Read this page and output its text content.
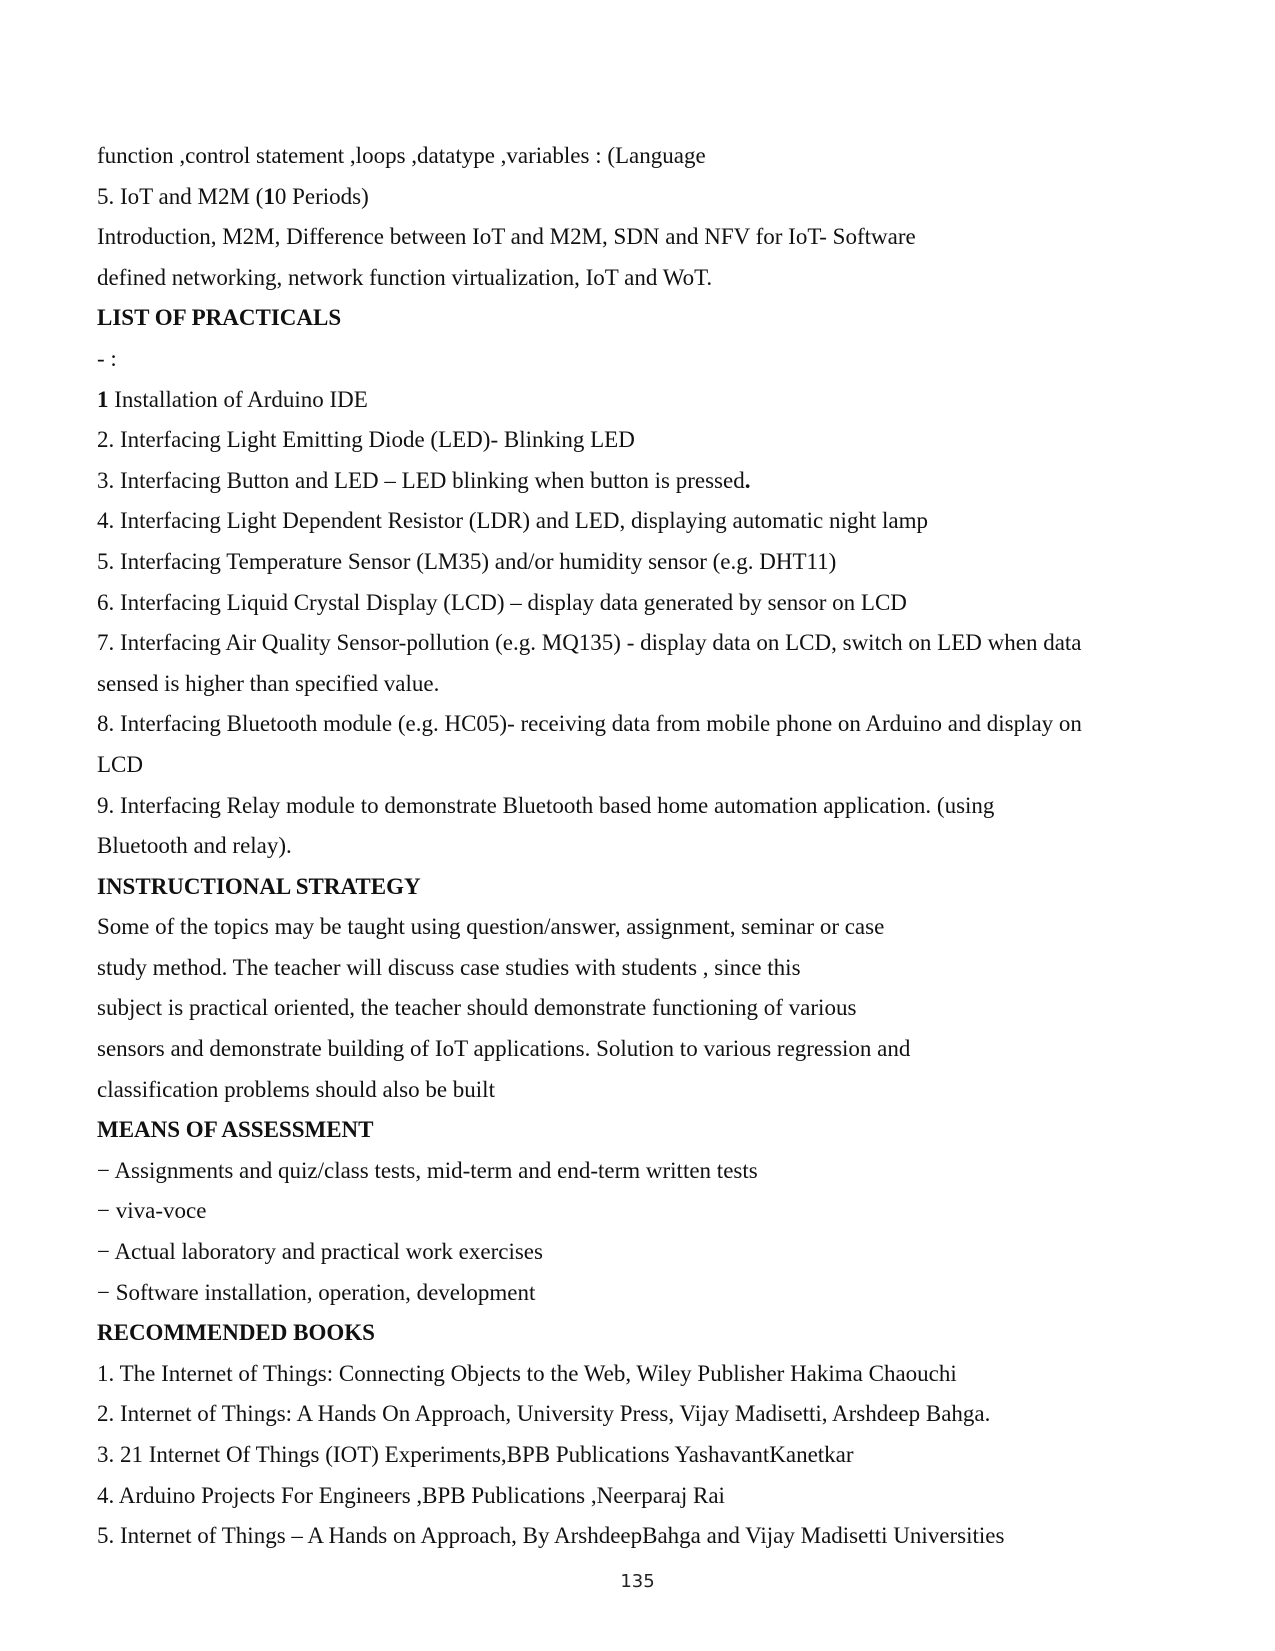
function ,control statement ,loops ,datatype ,variables : (Language
5. IoT and M2M (10 Periods)
Introduction, M2M, Difference between IoT and M2M, SDN and NFV for IoT- Software
defined networking, network function virtualization, IoT and WoT.
LIST OF PRACTICALS
- :
1 Installation of Arduino IDE
2. Interfacing Light Emitting Diode (LED)- Blinking LED
3. Interfacing Button and LED – LED blinking when button is pressed.
4. Interfacing Light Dependent Resistor (LDR) and LED, displaying automatic night lamp
5. Interfacing Temperature Sensor (LM35) and/or humidity sensor (e.g. DHT11)
6. Interfacing Liquid Crystal Display (LCD) – display data generated by sensor on LCD
7. Interfacing Air Quality Sensor-pollution (e.g. MQ135) - display data on LCD, switch on LED when data
sensed is higher than specified value.
8. Interfacing Bluetooth module (e.g. HC05)- receiving data from mobile phone on Arduino and display on
LCD
9. Interfacing Relay module to demonstrate Bluetooth based home automation application. (using
Bluetooth and relay).
INSTRUCTIONAL STRATEGY
Some of the topics may be taught using question/answer, assignment, seminar or case
study method. The teacher will discuss case studies with students , since this
subject is practical oriented, the teacher should demonstrate functioning of various
sensors and demonstrate building of IoT applications. Solution to various regression and
classification problems should also be built
MEANS OF ASSESSMENT
− Assignments and quiz/class tests, mid-term and end-term written tests
− viva-voce
− Actual laboratory and practical work exercises
− Software installation, operation, development
RECOMMENDED BOOKS
1. The Internet of Things: Connecting Objects to the Web, Wiley Publisher Hakima Chaouchi
2. Internet of Things: A Hands On Approach, University Press, Vijay Madisetti, Arshdeep Bahga.
3. 21 Internet Of Things (IOT) Experiments,BPB Publications YashavantKanetkar
4. Arduino Projects For Engineers ,BPB Publications ,Neerparaj Rai
5. Internet of Things – A Hands on Approach, By ArshdeepBahga and Vijay Madisetti Universities
135
